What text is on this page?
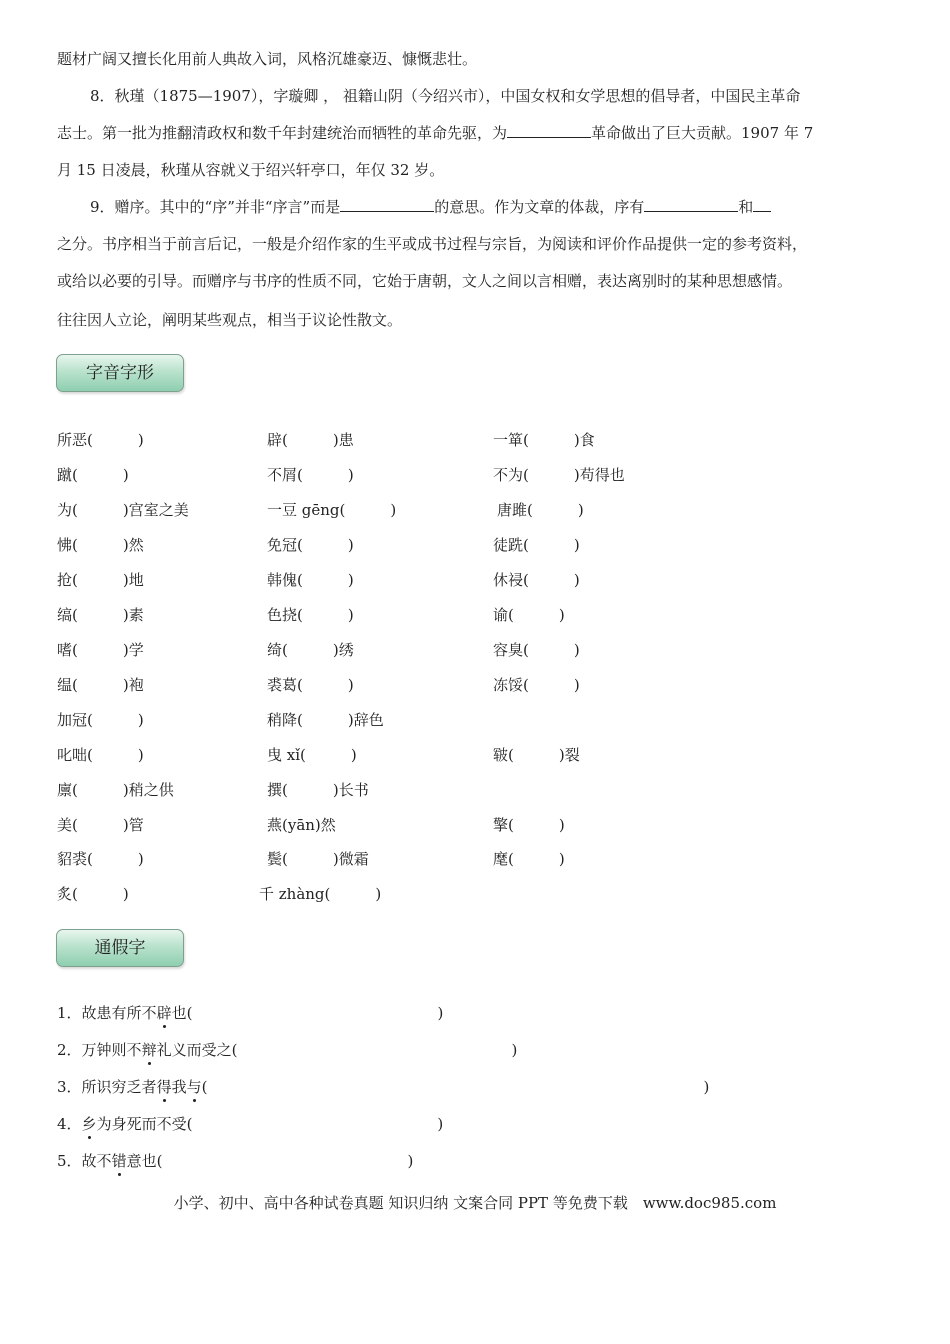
题材广阔又擅长化用前人典故入词，风格沉雄豪迈、慷慨悲壮。
8．秋瑾（1875—1907），字璇卿 ， 祖籍山阴（今绍兴市），中国女权和女学思想的倡导者，中国民主革命
志士。第一批为推翻清政权和数千年封建统治而牺牲的革命先驱，为	革命做出了巨大贡献。1907 年 7
月 15 日凌晨，秋瑾从容就义于绍兴轩亭口，年仅 32 岁。
9．赠序。其中的“序”并非“序言”而是	的意思。作为文章的体裁，序有	和
之分。书序相当于前言后记，一般是介绍作家的生平或成书过程与宗旨，为阅读和评价作品提供一定的参考资料，
或给以必要的引导。而赠序与书序的性质不同，它始于唐朝，文人之间以言相赠，表达离别时的某种思想感情。
往往因人立论，阐明某些观点，相当于议论性散文。
字音字形
所恶(　　　)	辟(　　　)患	一箪(　　　)食
蹴(　　　)	不屑(　　　)	不为(　　　)苟得也
为(　　　)宫室之美	一豆 gēng(　　　)	唐雎(　　　)
怫(　　　)然	免冠(　　　)	徒跣(　　　)
抢(　　　)地	韩傀(　　　)	休祲(　　　)
缟(　　　)素	色挠(　　　)	谕(　　　)
嗜(　　　)学	绮(　　　)绣	容臭(　　　)
缊(　　　)袍	裘葛(　　　)	冻馁(　　　)
加冠(　　　)	稍降(　　　)辞色
叱咄(　　　)	曳 xǐ(　　　)	皲(　　　)裂
廪(　　　)稍之供	撰(　　　)长书
美(　　　)管	燕(yān)然	擎(　　　)
貂裘(　　　)	鬓(　　　)微霜	麾(　　　)
炙(　　　)	千 zhàng(　　　)
通假字
1．故患有所不辟也(	)
2．万钟则不辩礼义而受之(	)
3．所识穷乏者得我与(	)
4．乡为身死而不受(	)
5．故不错意也(	)
小学、初中、高中各种试卷真题 知识归纳 文案合同 PPT 等免费下载　www.doc985.com
